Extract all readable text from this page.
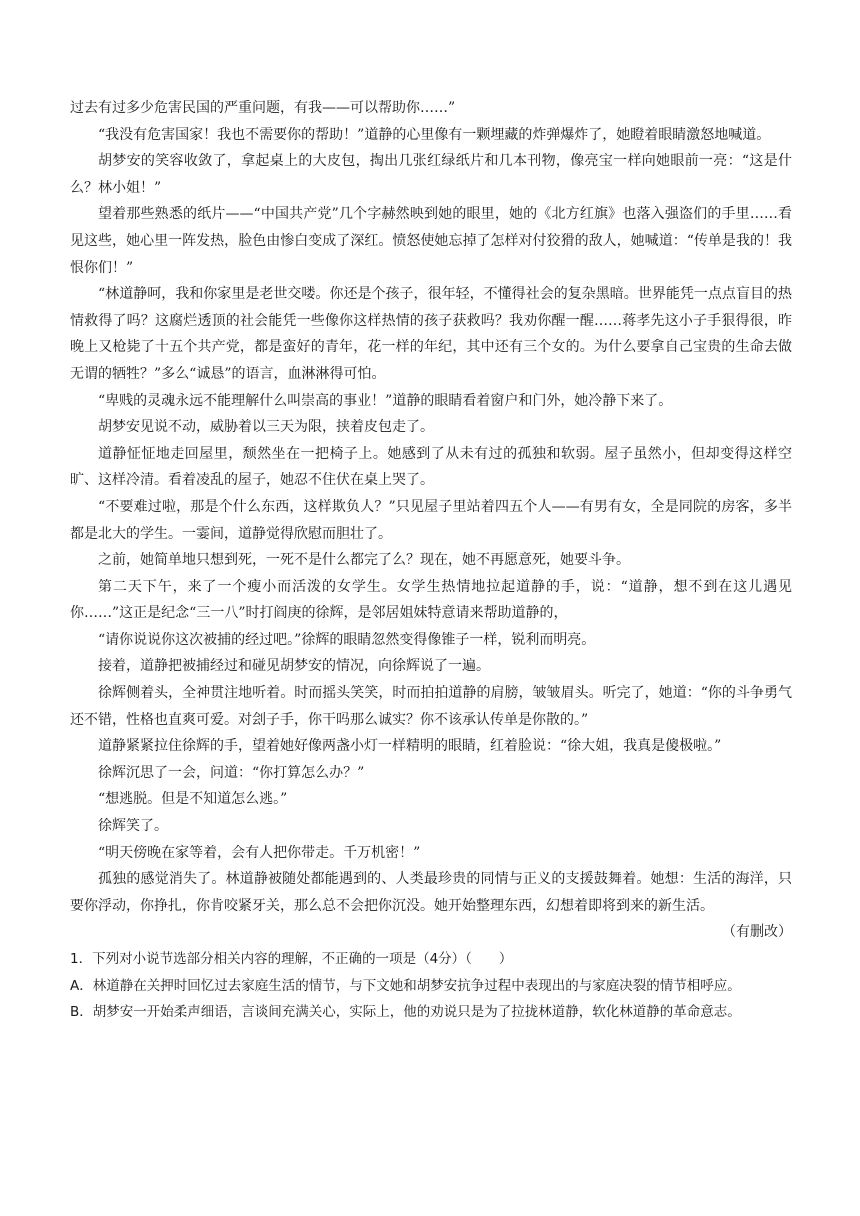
过去有过多少危害民国的严重问题，有我——可以帮助你……”

“我没有危害国家！我也不需要你的帮助！”道静的心里像有一颗埋藏的炸弹爆炸了，她瞪着眼睛激怒地喊道。

胡梦安的笑容收敛了，拿起桌上的大皮包，掏出几张红绿纸片和几本刊物，像亮宝一样向她眼前一亮：“这是什么？林小姐！”

望着那些熟悉的纸片——“中国共产党”几个字赫然映到她的眼里，她的《北方红旗》也落入强盗们的手里……看见这些，她心里一阵发热，脸色由惨白变成了深红。愤怒使她忘掉了怎样对付狡猾的敌人，她喊道：“传单是我的！我恨你们！”

“林道静呵，我和你家里是老世交喽。你还是个孩子，很年轻，不懂得社会的复杂黑暗。世界能凭一点点盲目的热情救得了吗？这腐烂透顶的社会能凭一些像你这样热情的孩子获救吗？我劝你醒一醒……蒋孝先这小子手狠得很，昨晚上又枪毙了十五个共产党，都是蛮好的青年，花一样的年纪，其中还有三个女的。为什么要拿自己宝贵的生命去做无谓的牺牲？”多么“诚恳”的语言，血淋淋得可怕。

“卑贱的灵魂永远不能理解什么叫崇高的事业！”道静的眼睛看着窗户和门外，她冷静下来了。

胡梦安见说不动，威胁着以三天为限，挟着皮包走了。

道静怔怔地走回屋里，颓然坐在一把椅子上。她感到了从未有过的孤独和软弱。屋子虽然小，但却变得这样空旷、这样冷清。看着凌乱的屋子，她忍不住伏在桌上哭了。

“不要难过啦，那是个什么东西，这样欺负人？”只见屋子里站着四五个人——有男有女，全是同院的房客，多半都是北大的学生。一霎间，道静觉得欣慰而胆壮了。

之前，她简单地只想到死，一死不是什么都完了么？现在，她不再愿意死，她要斗争。

第二天下午，来了一个瘦小而活泼的女学生。女学生热情地拉起道静的手，说：“道静，想不到在这儿遇见你……”这正是纪念“三一八”时打阎庚的徐辉，是邻居姐妹特意请来帮助道静的，

“请你说说你这次被捕的经过吧。”徐辉的眼睛忽然变得像锥子一样，锐利而明亮。

接着，道静把被捕经过和碰见胡梦安的情况，向徐辉说了一遍。

徐辉侧着头，全神贯注地听着。时而摇头笑笑，时而拍拍道静的肩膀，皱皱眉头。听完了，她道：“你的斗争勇气还不错，性格也直爽可爱。对刽子手，你干吗那么诚实？你不该承认传单是你散的。”

道静紧紧拉住徐辉的手，望着她好像两盏小灯一样精明的眼睛，红着脸说：“徐大姐，我真是傻极啦。”

徐辉沉思了一会，问道：“你打算怎么办？”

“想逃脱。但是不知道怎么逃。”

徐辉笑了。

“明天傍晚在家等着，会有人把你带走。千万机密！”

孤独的感觉消失了。林道静被随处都能遇到的、人类最珍贵的同情与正义的支援鼓舞着。她想：生活的海洋，只要你浮动，你挣扎，你肯咬紧牙关，那么总不会把你沉没。她开始整理东西，幻想着即将到来的新生活。

（有删改）

1．下列对小说节选部分相关内容的理解，不正确的一项是（4分）（　　）

A．林道静在关押时回忆过去家庭生活的情节，与下文她和胡梦安抗争过程中表现出的与家庭决裂的情节相呼应。

B．胡梦安一开始柔声细语，言谈间充满关心，实际上，他的劝说只是为了拉拢林道静，软化林道静的革命意志。
